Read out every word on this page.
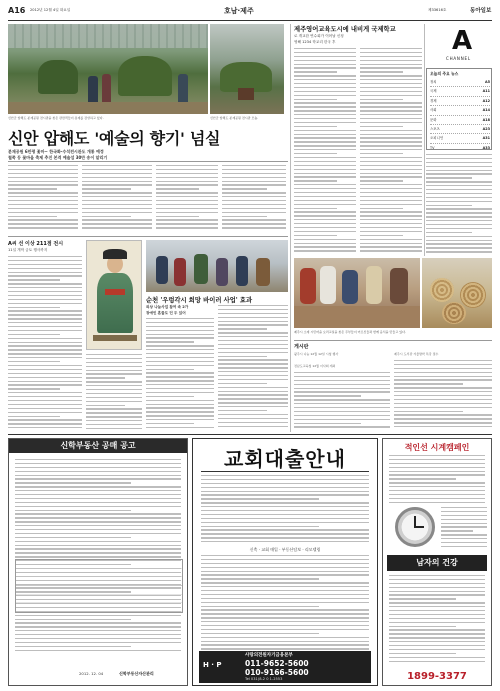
A16 2012년 12월 4일 화요일	호남·제주	제33616호	동아일보
신안군 압해도 분재공원 전시관을 찾은 관람객들이 분재를 감상하고 있다.	신안군 압해도 분재공원 전시관 모습.
신안 압해도 '예술의 향기' 넘실
분재공원 6만평 꽃마~ 한국화·수석전시관도 개통 예정
철쭉 등 꽃마을 축제 추진 본격 예술섬 30만 송이 알리기
A씨 선 이상 211점 전시
11일 개막 금토 행사까지
순천 '우렁각시 희망 바이러 사업' 효과
외상 나눔사업 참여 속 2가
장애인 흔들도 딘 두 있어
제주영어교육도시에 내비게 국제학교
로 개교한 연수회가 이어날 신청
영해 1234 학교리 한국 후
제주시 소재 시민마을 요리교실을 찾은 주부들이 어르신들과 함께 음식을 만들고 있다.
게시판
광주시 나눔 12월 12일 시청 행사
전남도교육청 12월 이사회 개최
제주시 도서관 겨울방학 특강 접수
A
CHANNEL
오늘의 주요 뉴스
정치	A5
국제	A11
경제	A12
사회	A14
문화	A18
스포츠	A23
오피니언	A31
TV	A33
신학부동산 공매 공고
2012. 12. 04	신학부동산자산관리
교회대출안내
신축 · 교회 매입 · 부동산담보 · 리모델링
사랑의전원자기금융본부
H · P	011-9652-5600
010-9166-5600
Tel 031)8-2 0 1-2553
적인선 시계캠페인
남자의 건강
1899-3377
